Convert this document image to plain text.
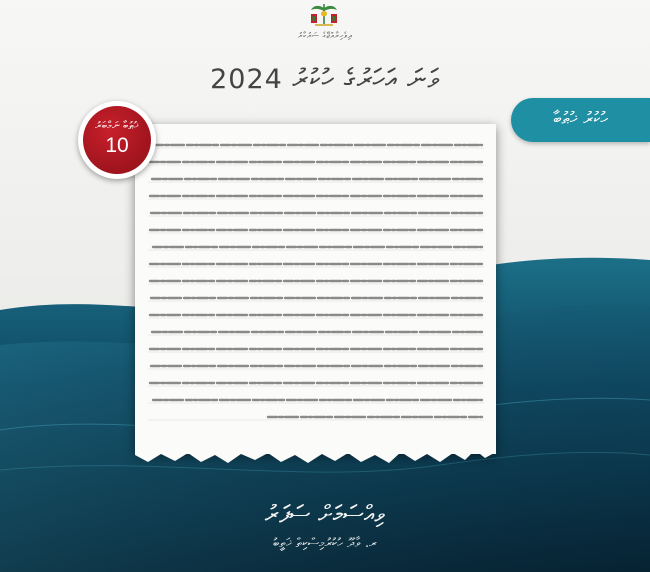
ދިވެހިރާއްޖޭގެ ސަރުކާރު
2024 ވަނަ އަހަރުގެ ހުކުރު
ހުކުރު ޚުޠުބާ
ޚުޠުބާ ނަމްބަރު
10
ވިއްސަމަށް ސަފަރު
ރ. ވާދޫ ހުކުރުމިސްކިތް ޚަތީބު
